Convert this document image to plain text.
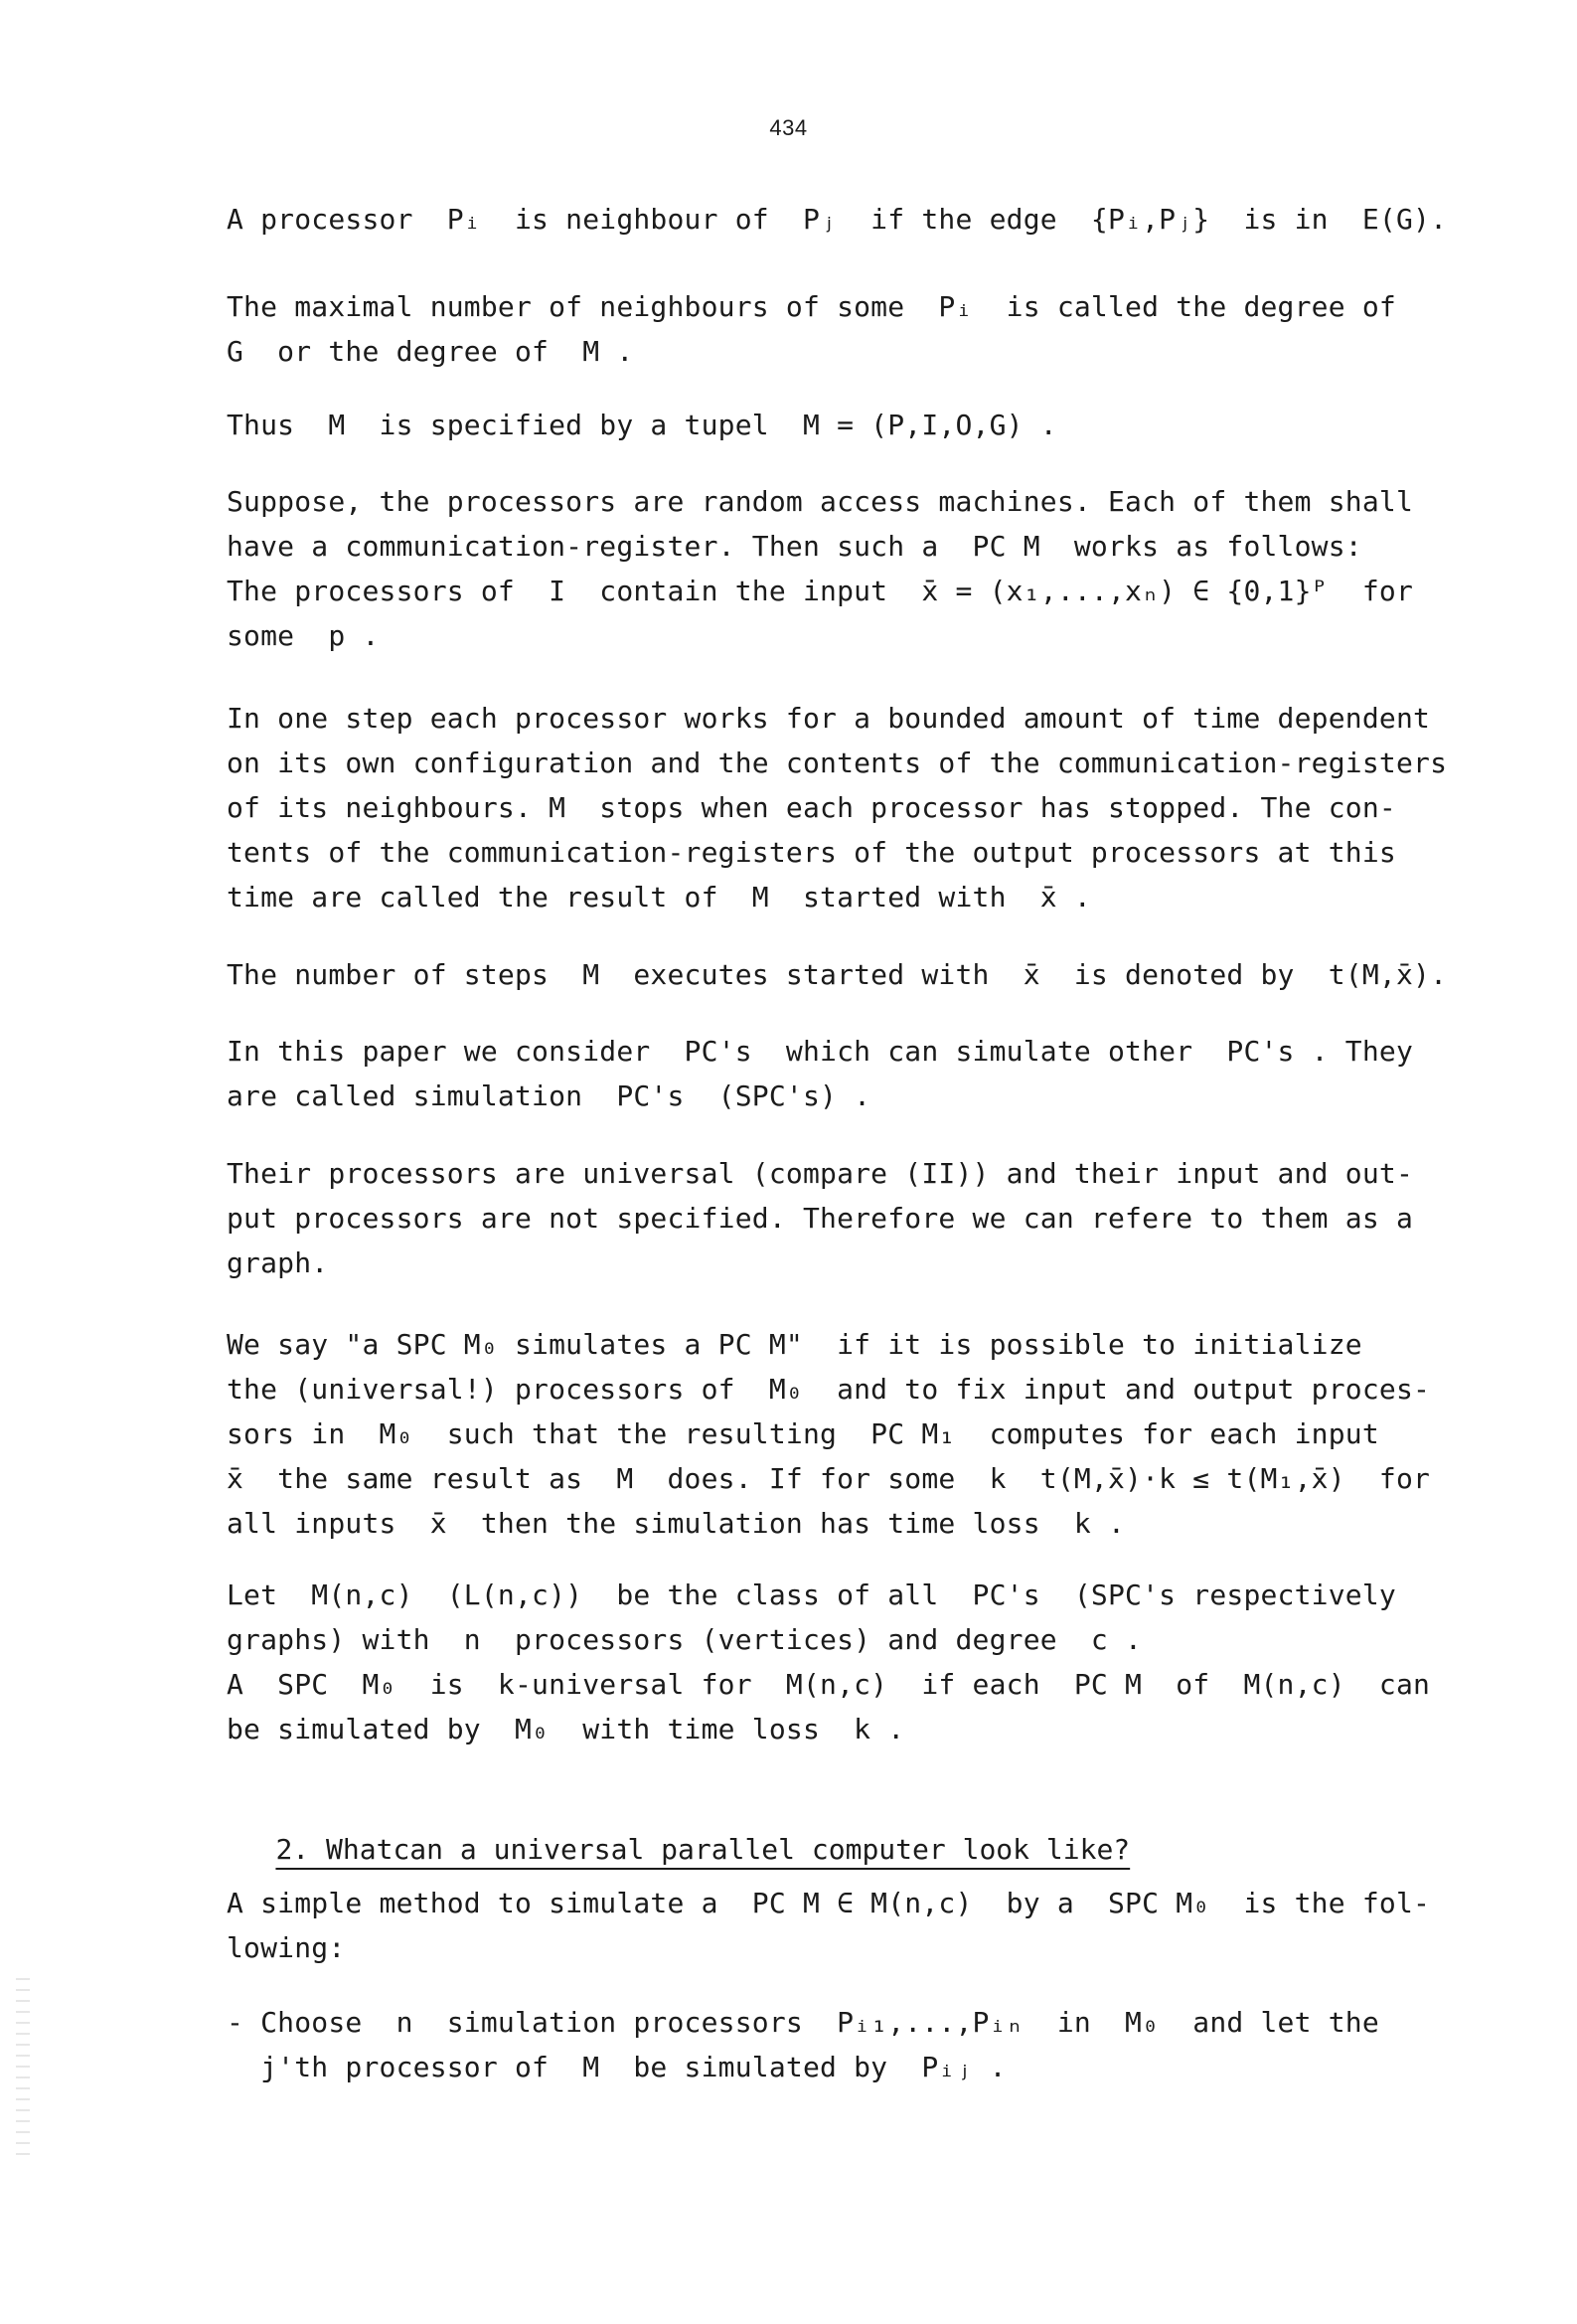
434
A processor  Pᵢ  is neighbour of  Pⱼ  if the edge  {Pᵢ,Pⱼ}  is in  E(G).
The maximal number of neighbours of some  Pᵢ  is called the degree of
G  or the degree of  M .
Thus  M  is specified by a tupel  M = (P,I,O,G) .
Suppose, the processors are random access machines. Each of them shall
have a communication-register. Then such a  PC M  works as follows:
The processors of  I  contain the input  x̄ = (x₁,...,xₙ) ∈ {0,1}ᴾ  for
some  p .
In one step each processor works for a bounded amount of time dependent
on its own configuration and the contents of the communication-registers
of its neighbours. M  stops when each processor has stopped. The con-
tents of the communication-registers of the output processors at this
time are called the result of  M  started with  x̄ .
The number of steps  M  executes started with  x̄  is denoted by  t(M,x̄).
In this paper we consider  PC's  which can simulate other  PC's . They
are called simulation  PC's  (SPC's) .
Their processors are universal (compare (II)) and their input and out-
put processors are not specified. Therefore we can refere to them as a
graph.
We say "a SPC M₀ simulates a PC M"  if it is possible to initialize
the (universal!) processors of  M₀  and to fix input and output proces-
sors in  M₀  such that the resulting  PC M₁  computes for each input
x̄  the same result as  M  does. If for some  k  t(M,x̄)·k ≤ t(M₁,x̄)  for
all inputs  x̄  then the simulation has time loss  k .
Let  M(n,c)  (L(n,c))  be the class of all  PC's  (SPC's respectively
graphs) with  n  processors (vertices) and degree  c .
A  SPC  M₀  is  k-universal for  M(n,c)  if each  PC M  of  M(n,c)  can
be simulated by  M₀  with time loss  k .

2. Whatcan a universal parallel computer look like?

A simple method to simulate a  PC M ∈ M(n,c)  by a  SPC M₀  is the fol-
lowing:
- Choose  n  simulation processors  Pᵢ₁,...,Pᵢₙ  in  M₀  and let the
j'th processor of  M  be simulated by  Pᵢⱼ .
